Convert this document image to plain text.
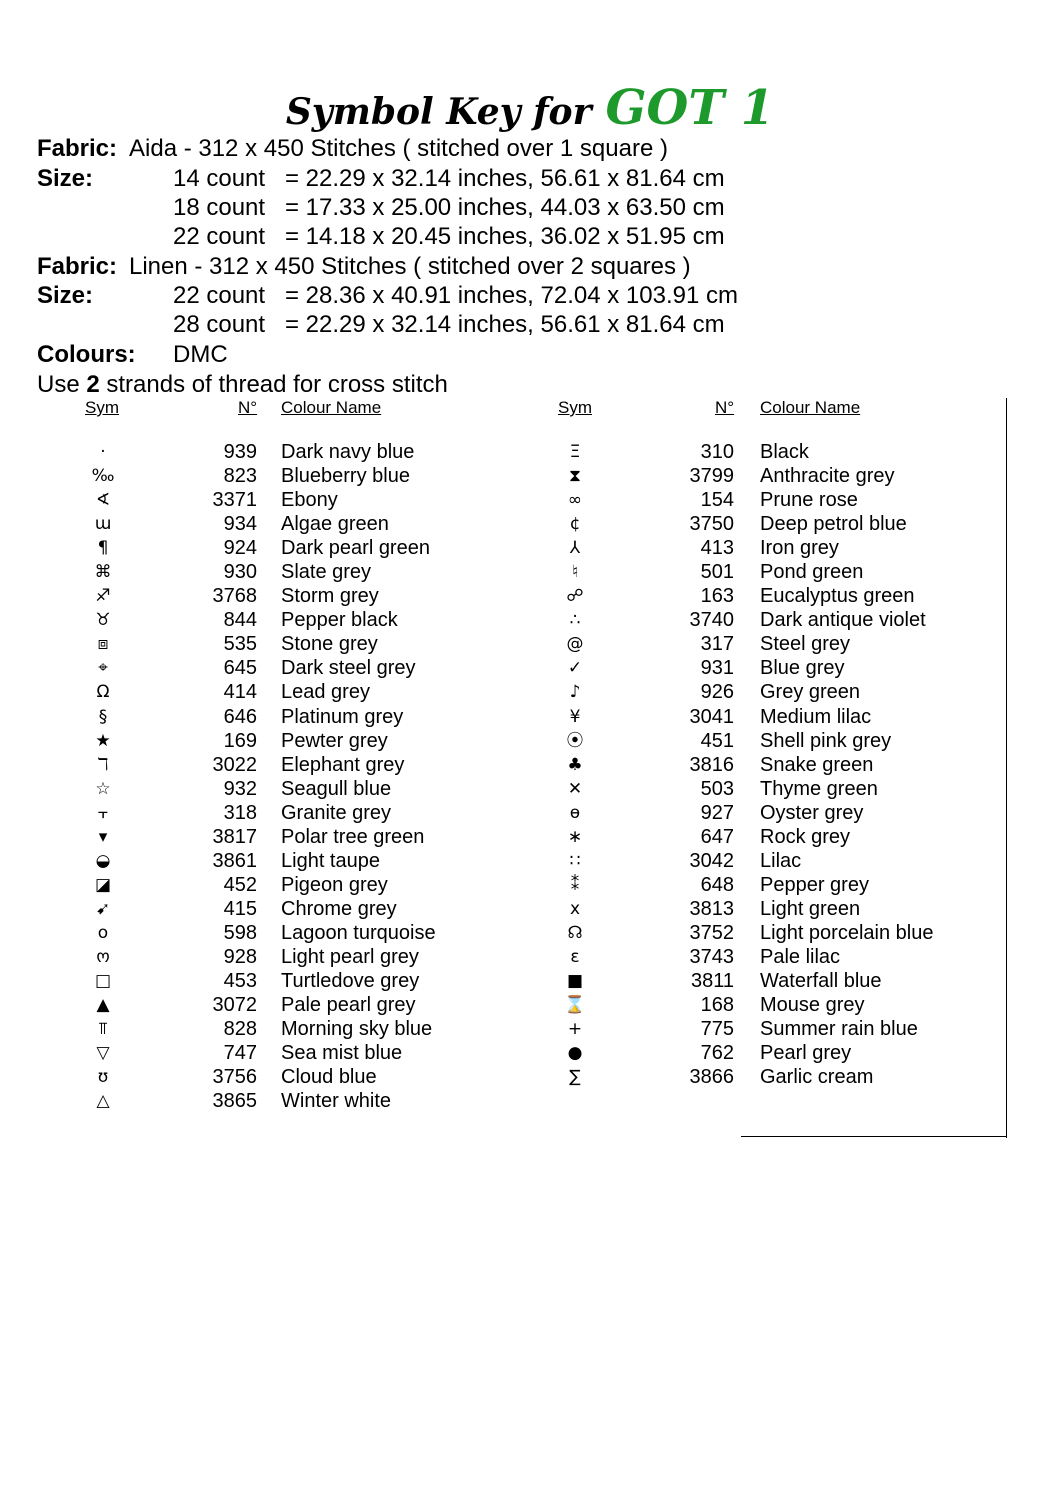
Symbol Key for GOT 1
Fabric: Aida - 312 x 450 Stitches ( stitched over 1 square )
Size:	14 count = 22.29 x 32.14 inches, 56.61 x 81.64 cm
18 count = 17.33 x 25.00 inches, 44.03 x 63.50 cm
22 count = 14.18 x 20.45 inches, 36.02 x 51.95 cm
Fabric: Linen - 312 x 450 Stitches ( stitched over 2 squares )
Size:	22 count = 28.36 x 40.91 inches, 72.04 x 103.91 cm
28 count = 22.29 x 32.14 inches, 56.61 x 81.64 cm
Colours: DMC
Use 2 strands of thread for cross stitch
Sym	N° Colour Name	Sym	N° Colour Name
·	939 Dark navy blue
‰	823 Blueberry blue
∢	3371 Ebony
ɯ	934 Algae green
¶	924 Dark pearl green
⌘	930 Slate grey
♐	3768 Storm grey
♉	844 Pepper black
⧈	535 Stone grey
⌖	645 Dark steel grey
Ω	414 Lead grey
§	646 Platinum grey
★	169 Pewter grey
ℸ	3022 Elephant grey
☆	932 Seagull blue
⫟	318 Granite grey
▾	3817 Polar tree green
◒	3861 Light taupe
◪	452 Pigeon grey
➹	415 Chrome grey
o	598 Lagoon turquoise
ო	928 Light pearl grey
□	453 Turtledove grey
▲	3072 Pale pearl grey
⫪	828 Morning sky blue
▽	747 Sea mist blue
ʊ	3756 Cloud blue
△	3865 Winter white
Ξ	310 Black
⧗	3799 Anthracite grey
∞	154 Prune rose
¢	3750 Deep petrol blue
⅄	413 Iron grey
♮	501 Pond green
☍	163 Eucalyptus green
∴	3740 Dark antique violet
@	317 Steel grey
✓	931 Blue grey
♪	926 Grey green
¥	3041 Medium lilac
⦿	451 Shell pink grey
♣	3816 Snake green
✕	503 Thyme green
ɵ	927 Oyster grey
∗	647 Rock grey
∷	3042 Lilac
⁑	648 Pepper grey
x	3813 Light green
☊	3752 Light porcelain blue
ε	3743 Pale lilac
■	3811 Waterfall blue
⌛	168 Mouse grey
+	775 Summer rain blue
●	762 Pearl grey
∑	3866 Garlic cream
